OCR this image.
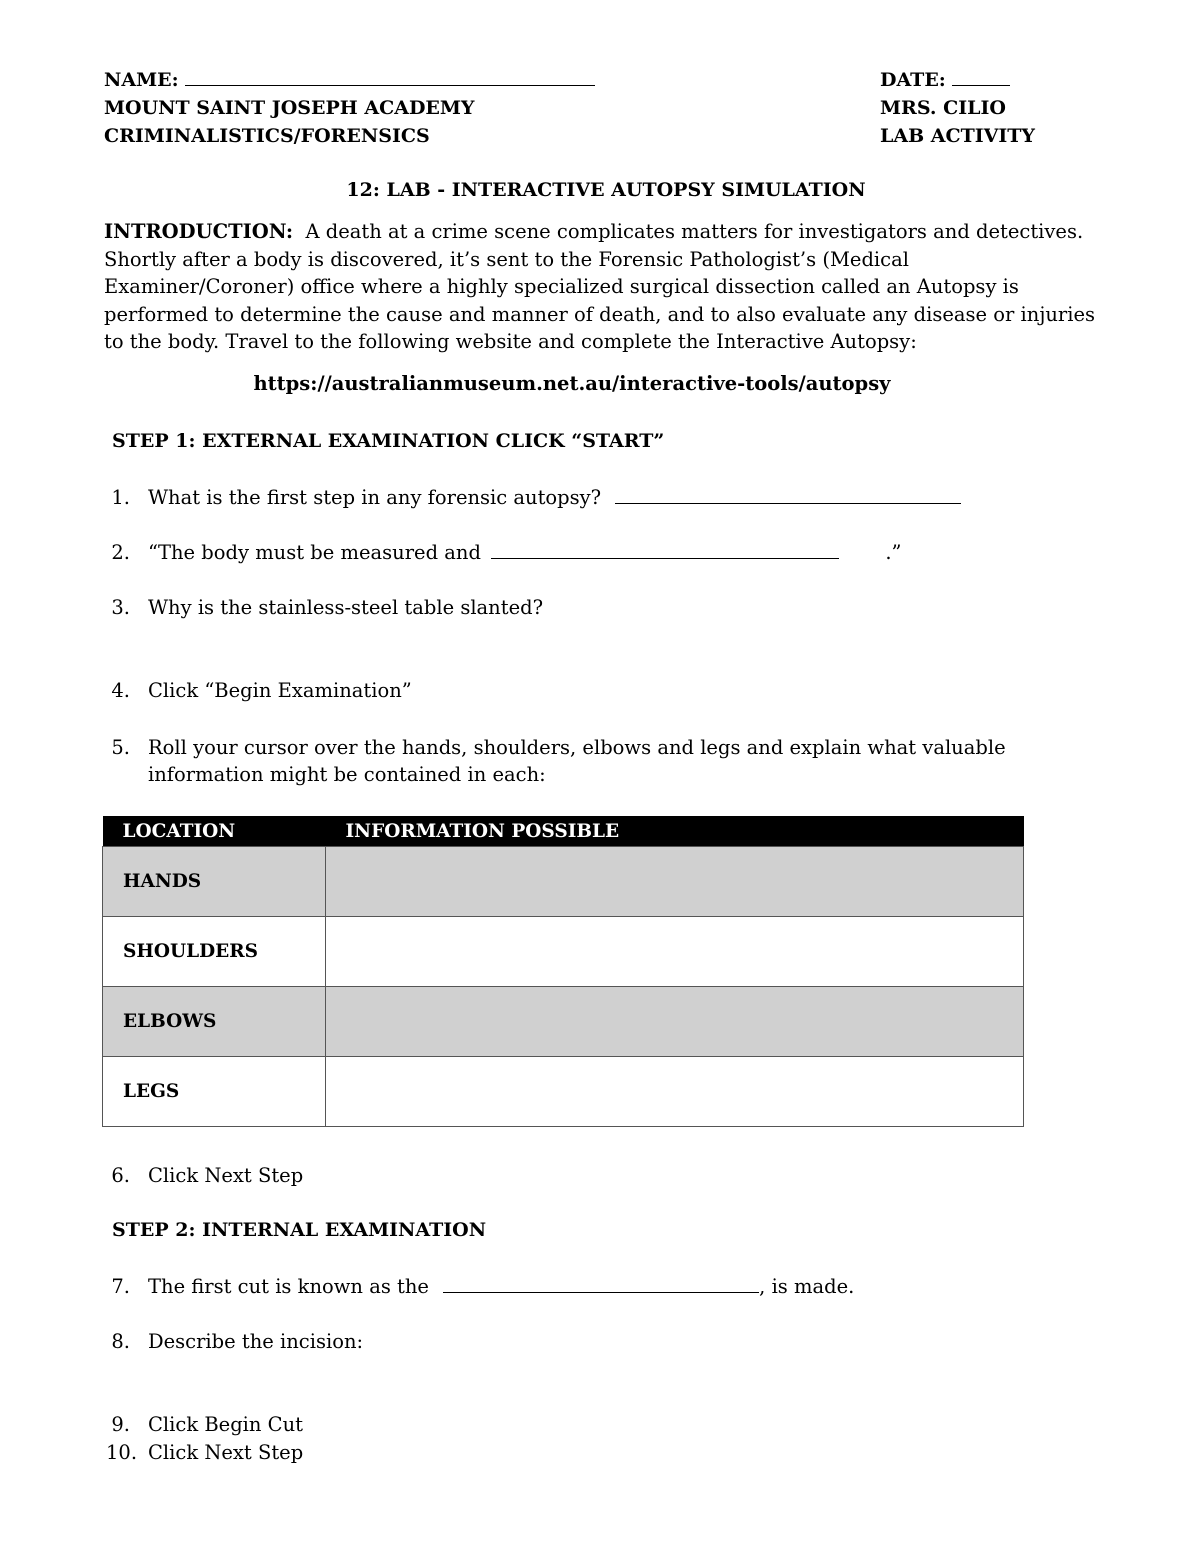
NAME:	DATE:
MOUNT SAINT JOSEPH ACADEMY	MRS. CILIO
CRIMINALISTICS/FORENSICS	LAB ACTIVITY
12: LAB - INTERACTIVE AUTOPSY SIMULATION
INTRODUCTION: A death at a crime scene complicates matters for investigators and detectives. Shortly after a body is discovered, it’s sent to the Forensic Pathologist’s (Medical Examiner/Coroner) office where a highly specialized surgical dissection called an Autopsy is performed to determine the cause and manner of death, and to also evaluate any disease or injuries to the body. Travel to the following website and complete the Interactive Autopsy:
https://australianmuseum.net.au/interactive-tools/autopsy
STEP 1: EXTERNAL EXAMINATION CLICK “START”
1. What is the first step in any forensic autopsy?
2. “The body must be measured and	.”
3. Why is the stainless-steel table slanted?
4. Click “Begin Examination”
5. Roll your cursor over the hands, shoulders, elbows and legs and explain what valuable
information might be contained in each:
LOCATION	INFORMATION POSSIBLE
HANDS	
SHOULDERS	
ELBOWS	
LEGS	
6. Click Next Step
STEP 2: INTERNAL EXAMINATION
7. The first cut is known as the	, is made.
8. Describe the incision:
9. Click Begin Cut
10. Click Next Step
